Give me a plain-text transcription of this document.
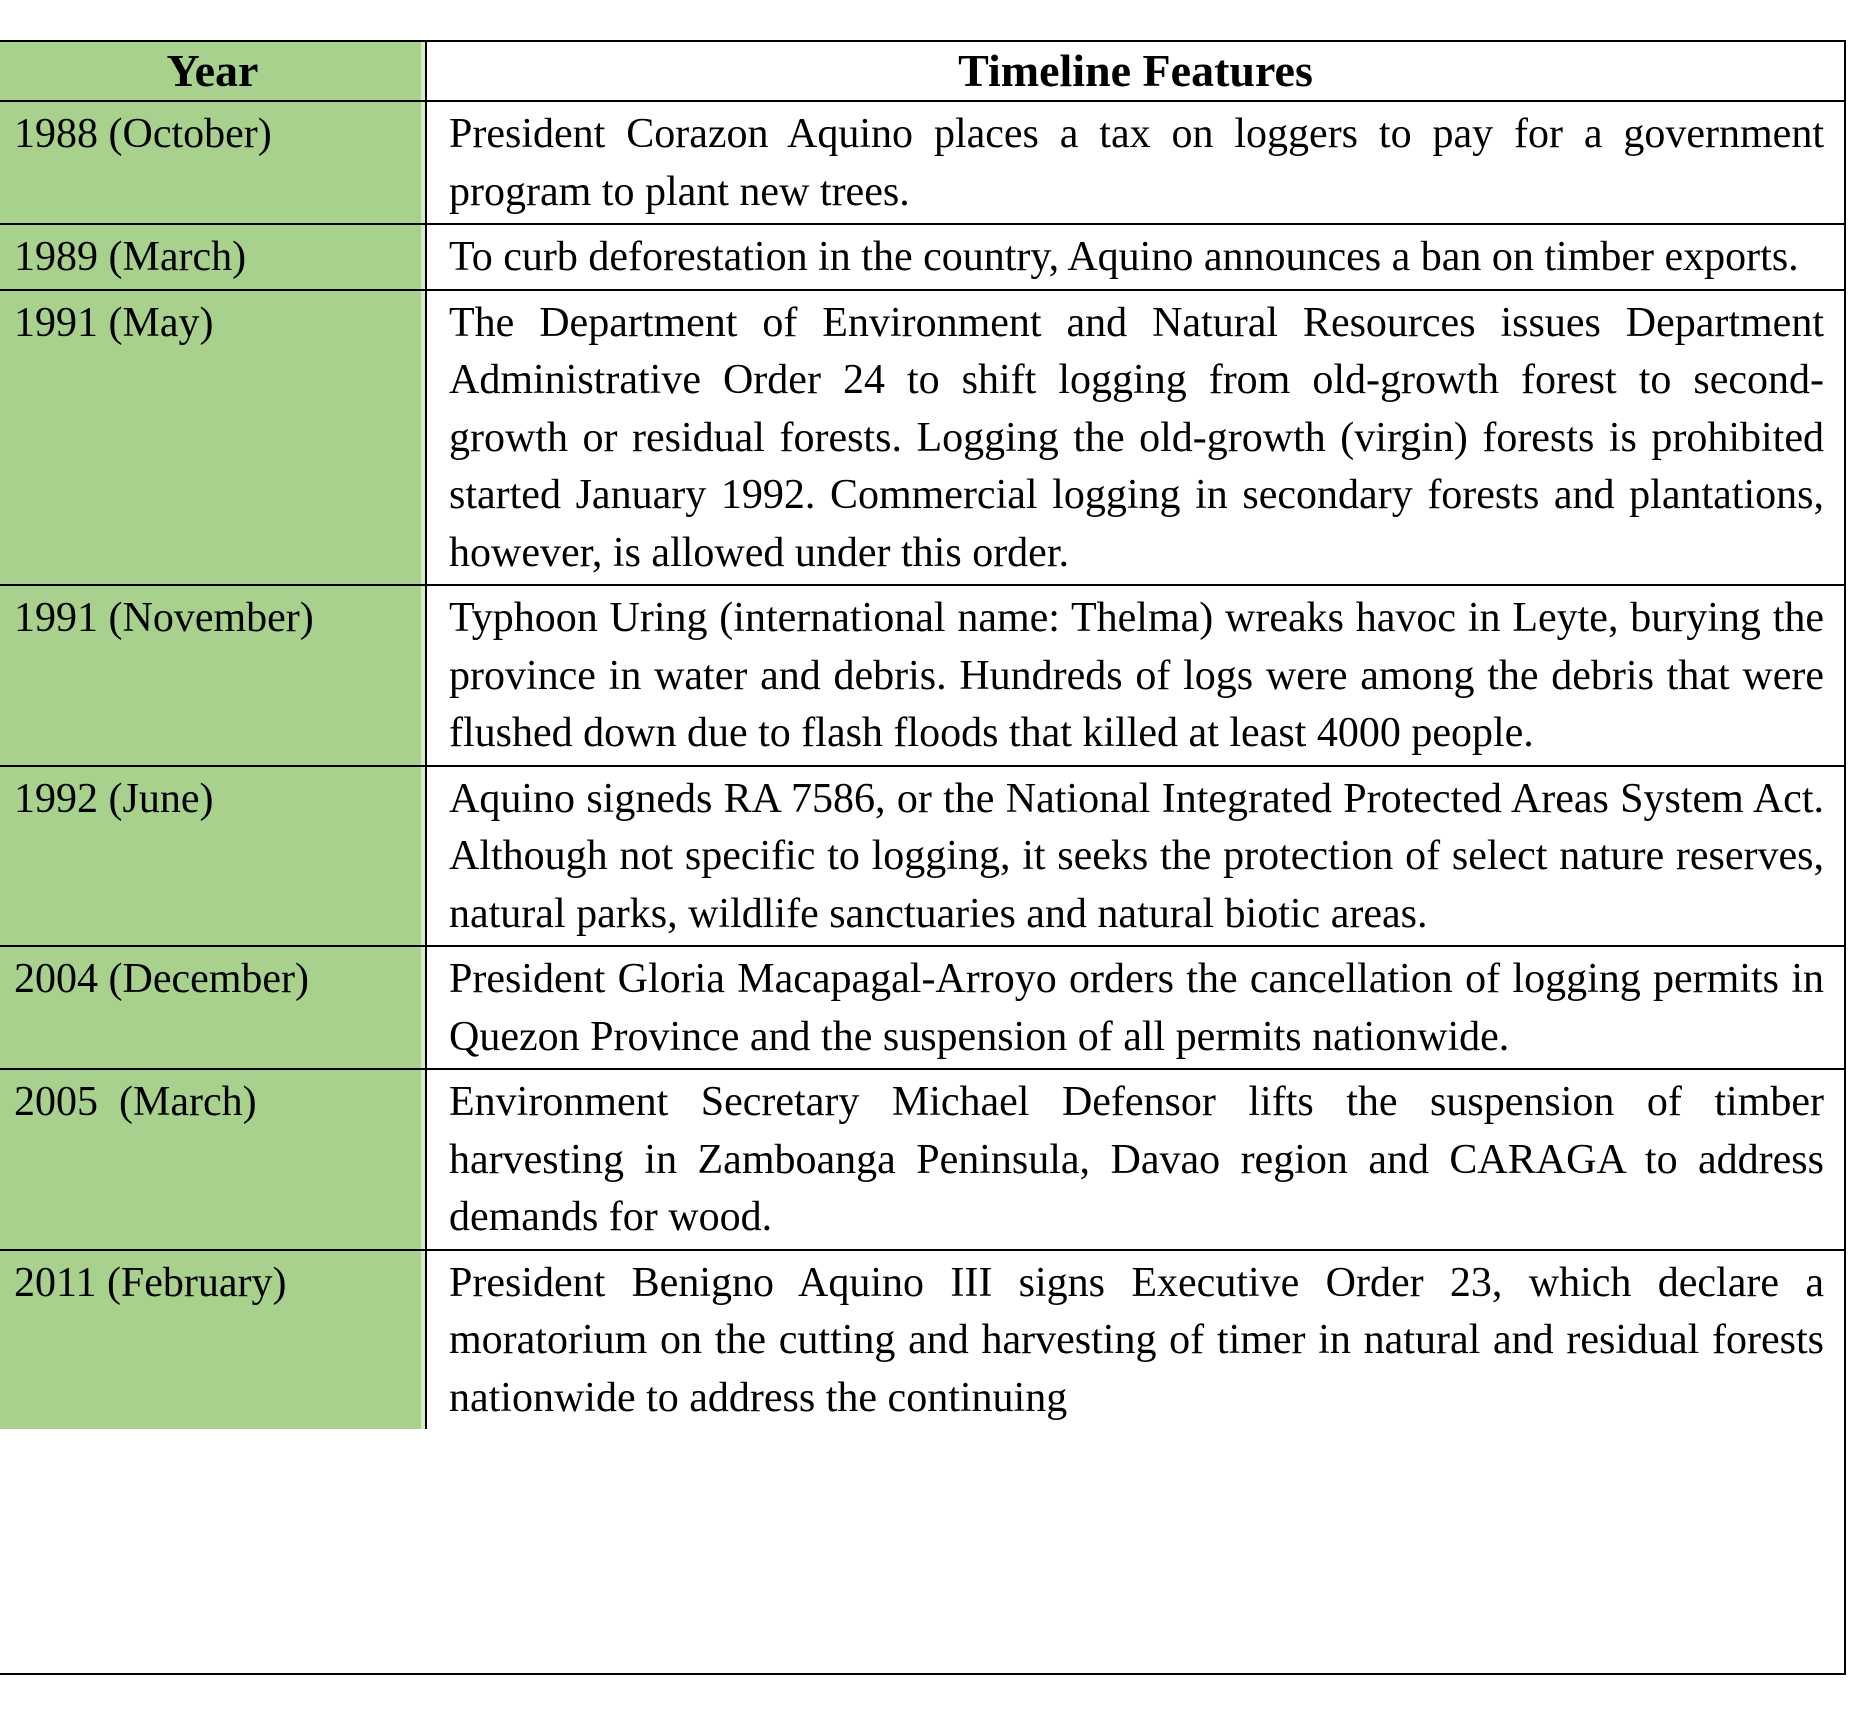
Year	Timeline Features
1988 (October)	President Corazon Aquino places a tax on loggers to pay for a government program to plant new trees.
1989 (March)	To curb deforestation in the country, Aquino announces a ban on timber exports.
1991 (May)	The Department of Environment and Natural Resources issues Department Administrative Order 24 to shift logging from old-growth forest to second-growth or residual forests. Logging the old-growth (virgin) forests is prohibited started January 1992. Commercial logging in secondary forests and plantations, however, is allowed under this order.
1991 (November)	Typhoon Uring (international name: Thelma) wreaks havoc in Leyte, burying the province in water and debris. Hundreds of logs were among the debris that were flushed down due to flash floods that killed at least 4000 people.
1992 (June)	Aquino signeds RA 7586, or the National Integrated Protected Areas System Act. Although not specific to logging, it seeks the protection of select nature reserves, natural parks, wildlife sanctuaries and natural biotic areas.
2004 (December)	President Gloria Macapagal-Arroyo orders the cancellation of logging permits in Quezon Province and the suspension of all permits nationwide.
2005  (March)	Environment Secretary Michael Defensor lifts the suspension of timber harvesting in Zamboanga Peninsula, Davao region and CARAGA to address demands for wood.
2011 (February)	President Benigno Aquino III signs Executive Order 23, which declare a moratorium on the cutting and harvesting of timer in natural and residual forests nationwide to address the continuing
